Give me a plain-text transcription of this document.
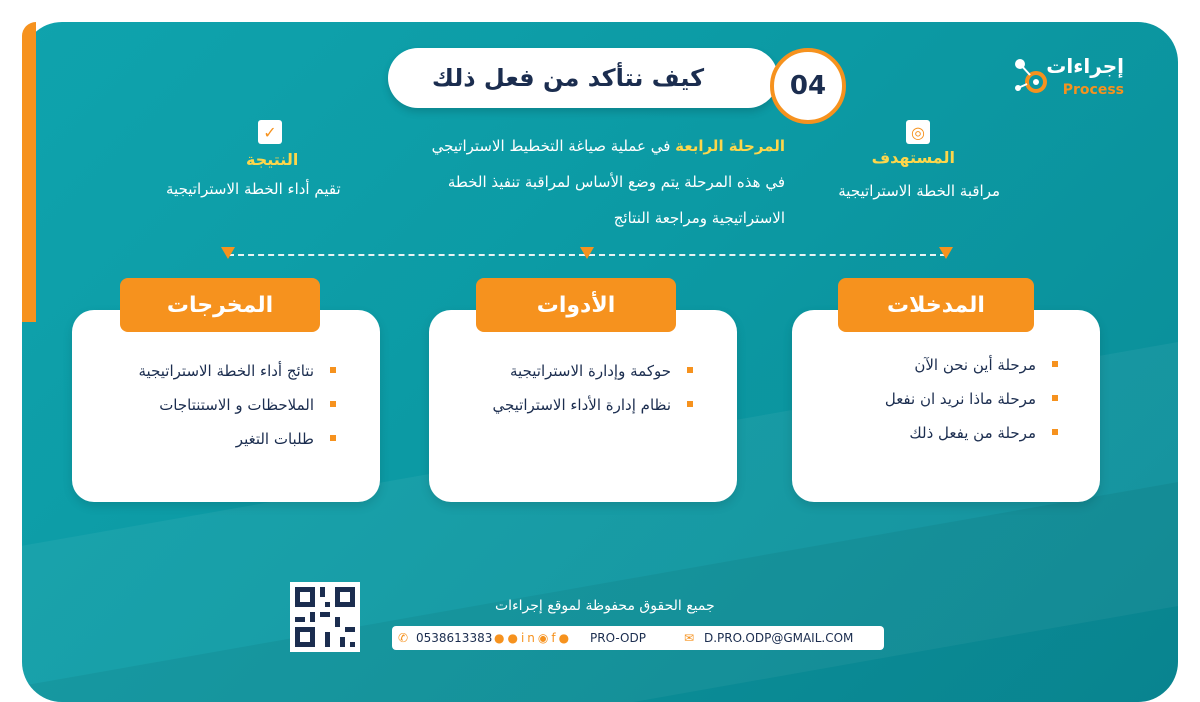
كيف نتأكد من فعل ذلك	04
إجراءات
Process
◎
المستهدف
مراقبة الخطة الاستراتيجية
✓
النتيجة
تقيم أداء الخطة الاستراتيجية
المرحلة الرابعة في عملية صياغة التخطيط الاستراتيجي
في هذه المرحلة يتم وضع الأساس لمراقبة تنفيذ الخطة
الاستراتيجية ومراجعة النتائج
مرحلة أين نحن الآن
مرحلة ماذا نريد ان نفعل
مرحلة من يفعل ذلك
المدخلات
حوكمة وإدارة الاستراتيجية
نظام إدارة الأداء الاستراتيجي
الأدوات
نتائج أداء الخطة الاستراتيجية
الملاحظات و الاستنتاجات
طلبات التغير
المخرجات
جميع الحقوق محفوظة لموقع إجراءات
✆ 0538613383 ●●in◉f● PRO-ODP	✉ D.PRO.ODP@GMAIL.COM
